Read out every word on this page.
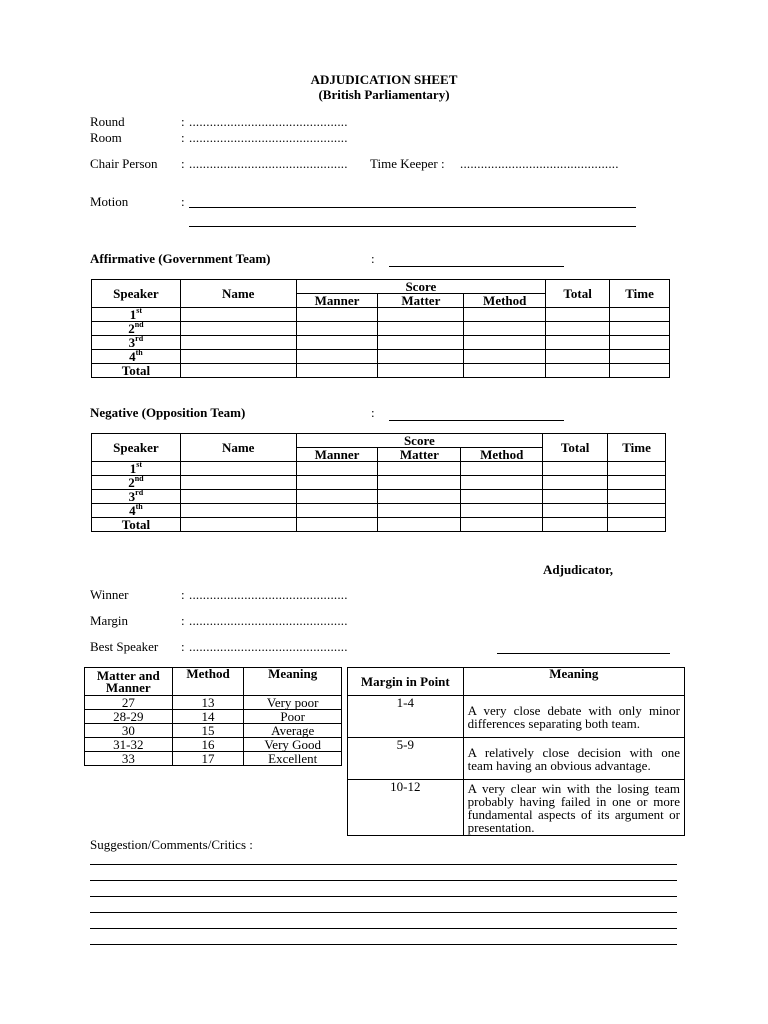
ADJUDICATION SHEET
(British Parliamentary)
Round	: ..............................................
Room	: ..............................................
Chair Person : .............................................. Time Keeper : ..............................................
Motion	:
Affirmative (Government Team)	:
Speaker	Name	Score			Total	Time
		Manner	Matter	Method		
1st						
2nd						
3rd						
4th						
Total						
Negative (Opposition Team)	:
Speaker	Name	Score			Total	Time
		Manner	Matter	Method		
1st						
2nd						
3rd						
4th						
Total						
Adjudicator,
Winner	: ..............................................
Margin	: ..............................................
Best Speaker : ..............................................
Matter and Manner	Method	Meaning
27	13	Very poor
28-29	14	Poor
30	15	Average
31-32	16	Very Good
33	17	Excellent
Margin in Point	Meaning
1-4	A very close debate with only minor differences separating both team.
5-9	A relatively close decision with one team having an obvious advantage.
10-12	A very clear win with the losing team probably having failed in one or more fundamental aspects of its argument or presentation.
Suggestion/Comments/Critics :
